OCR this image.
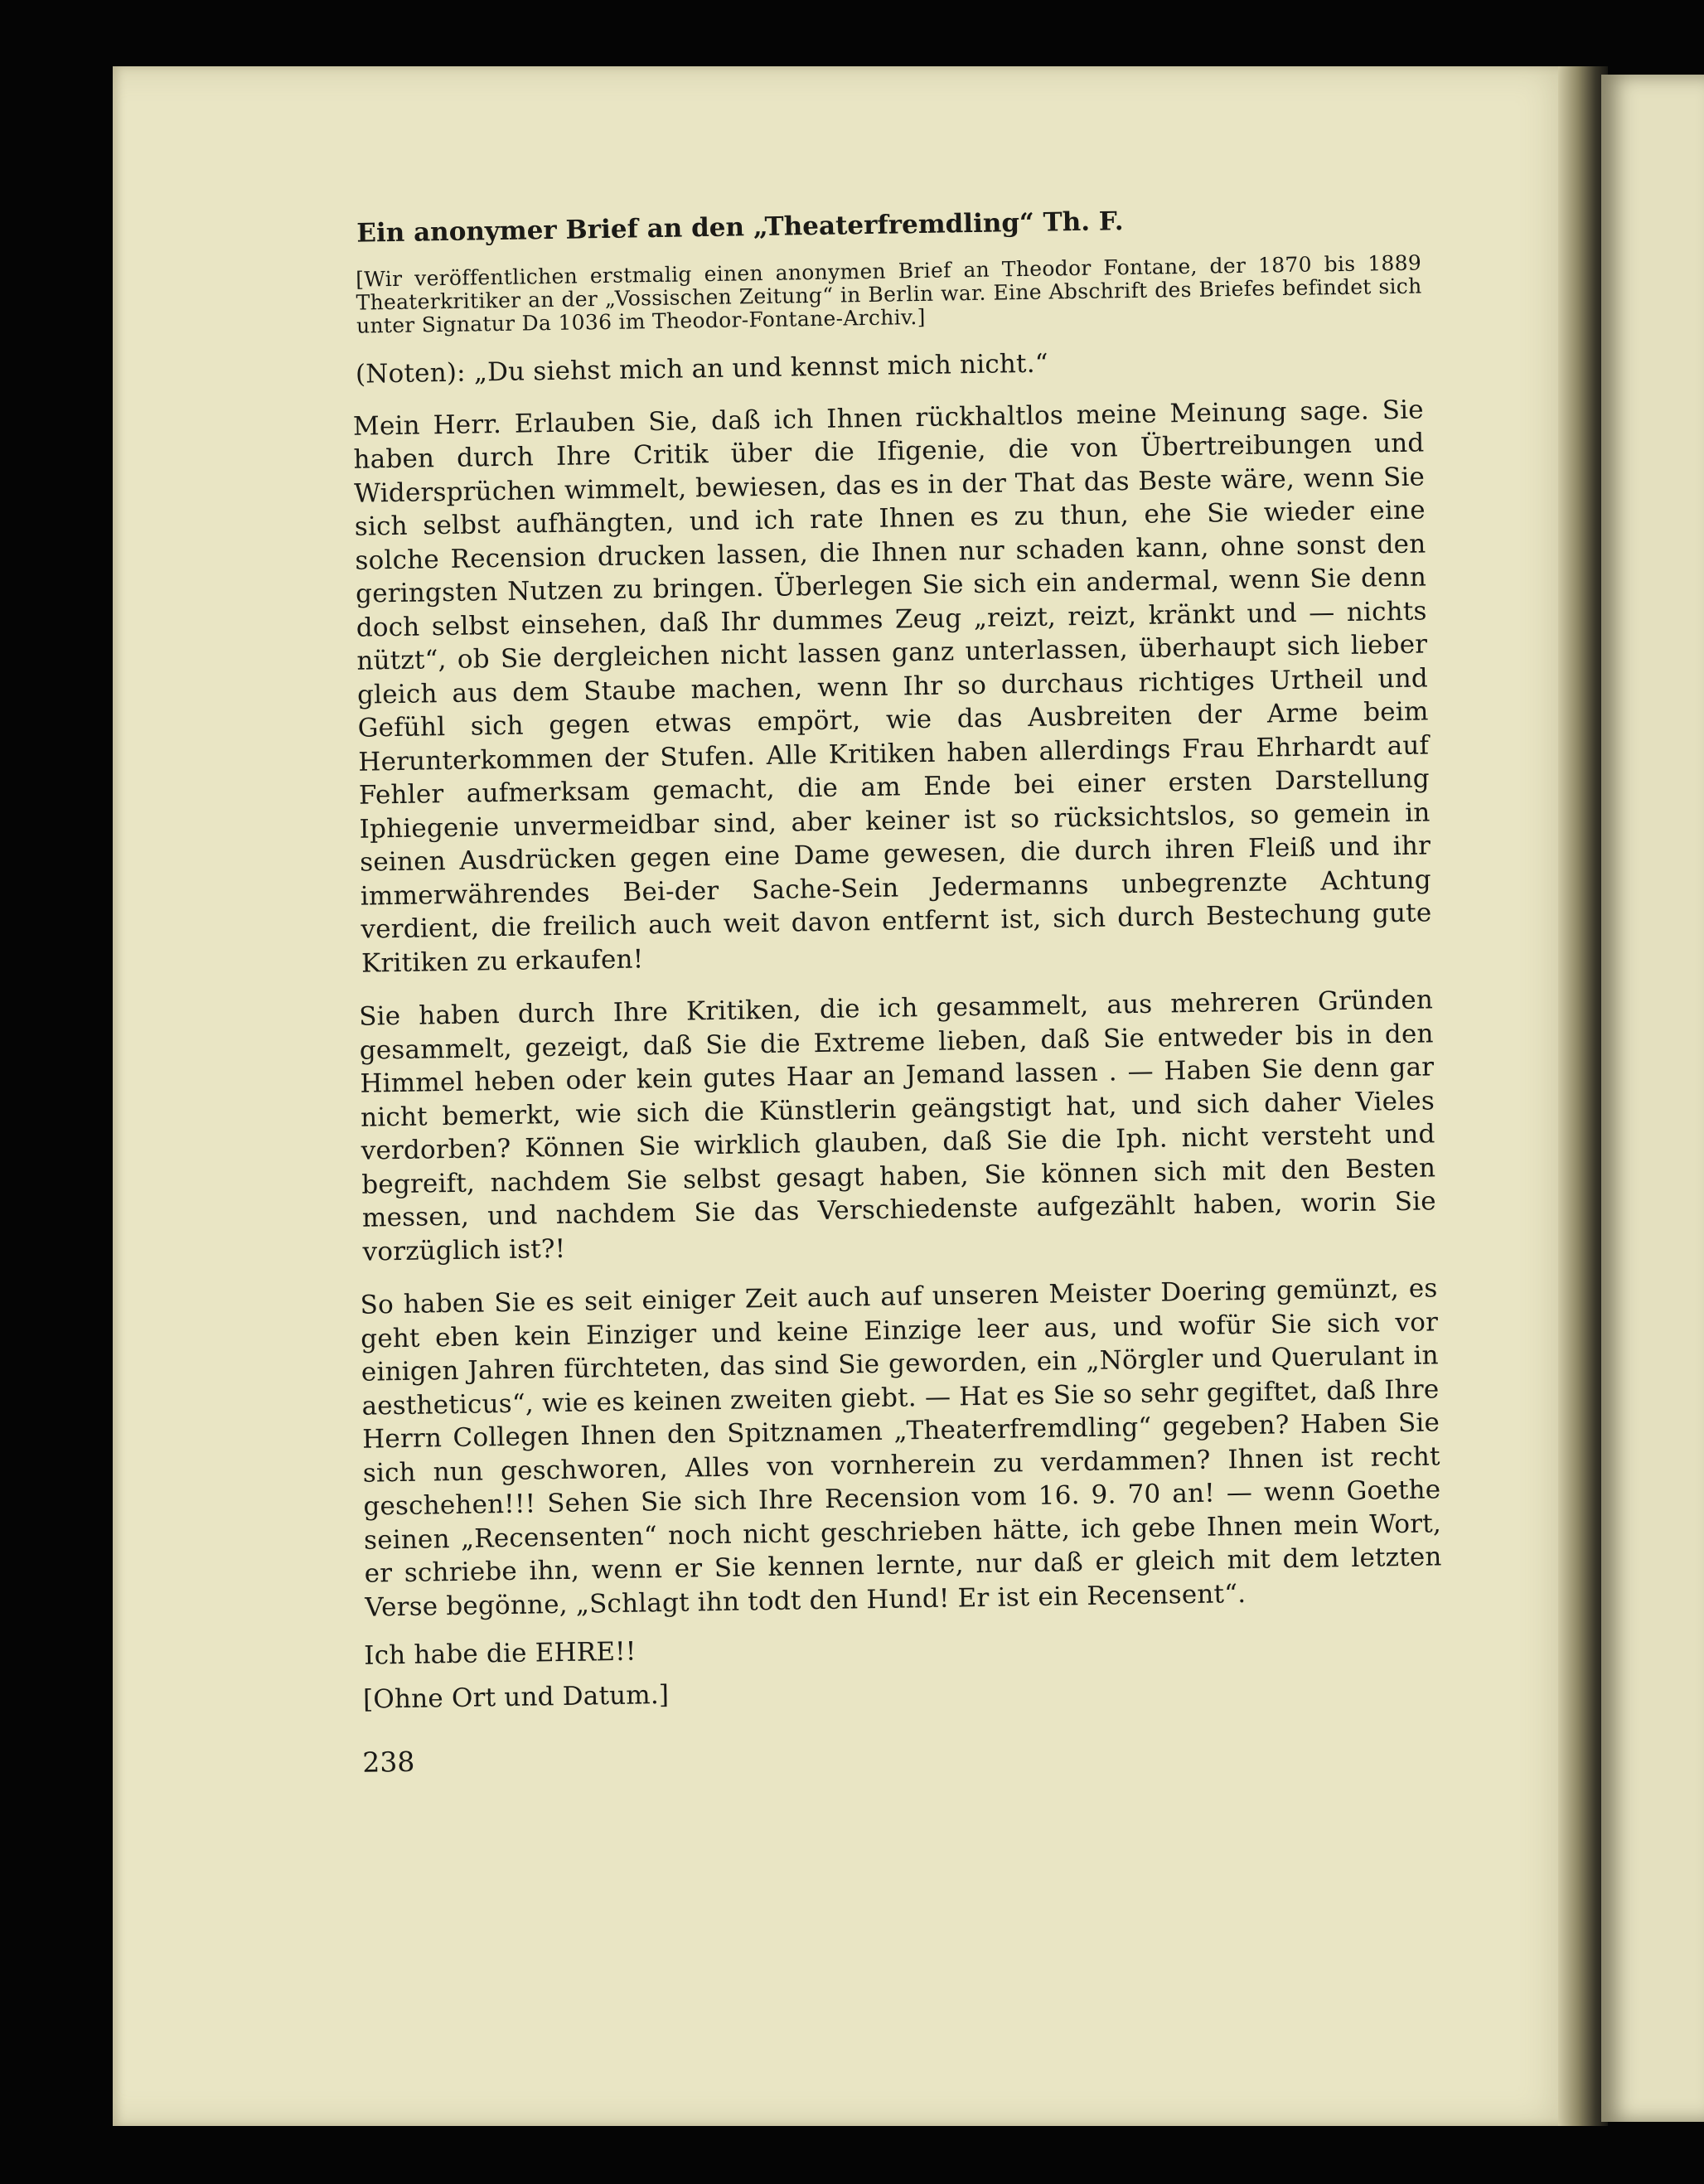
Ein anonymer Brief an den „Theaterfremdling“ Th. F.
[Wir veröffentlichen erstmalig einen anonymen Brief an Theodor Fontane, der 1870 bis 1889 Theaterkritiker an der „Vossischen Zeitung“ in Berlin war. Eine Abschrift des Briefes befindet sich unter Signatur Da 1036 im Theodor-Fontane-Archiv.]

(Noten): „Du siehst mich an und kennst mich nicht.“

Mein Herr. Erlauben Sie, daß ich Ihnen rückhaltlos meine Meinung sage. Sie haben durch Ihre Critik über die Ifigenie, die von Übertreibungen und Widersprüchen wimmelt, bewiesen, das es in der That das Beste wäre, wenn Sie sich selbst aufhängten, und ich rate Ihnen es zu thun, ehe Sie wieder eine solche Recension drucken lassen, die Ihnen nur schaden kann, ohne sonst den geringsten Nutzen zu bringen. Überlegen Sie sich ein andermal, wenn Sie denn doch selbst einsehen, daß Ihr dummes Zeug „reizt, reizt, kränkt und — nichts nützt“, ob Sie dergleichen nicht lassen ganz unterlassen, überhaupt sich lieber gleich aus dem Staube machen, wenn Ihr so durchaus richtiges Urtheil und Gefühl sich gegen etwas empört, wie das Ausbreiten der Arme beim Herunterkommen der Stufen. Alle Kritiken haben allerdings Frau Ehrhardt auf Fehler aufmerksam gemacht, die am Ende bei einer ersten Darstellung Iphiegenie unvermeidbar sind, aber keiner ist so rücksichtslos, so gemein in seinen Ausdrücken gegen eine Dame gewesen, die durch ihren Fleiß und ihr immerwährendes Bei-der Sache-Sein Jedermanns unbegrenzte Achtung verdient, die freilich auch weit davon entfernt ist, sich durch Bestechung gute Kritiken zu erkaufen!

Sie haben durch Ihre Kritiken, die ich gesammelt, aus mehreren Gründen gesammelt, gezeigt, daß Sie die Extreme lieben, daß Sie entweder bis in den Himmel heben oder kein gutes Haar an Jemand lassen . — Haben Sie denn gar nicht bemerkt, wie sich die Künstlerin geängstigt hat, und sich daher Vieles verdorben? Können Sie wirklich glauben, daß Sie die Iph. nicht versteht und begreift, nachdem Sie selbst gesagt haben, Sie können sich mit den Besten messen, und nachdem Sie das Verschiedenste aufgezählt haben, worin Sie vorzüglich ist?!

So haben Sie es seit einiger Zeit auch auf unseren Meister Doering gemünzt, es geht eben kein Einziger und keine Einzige leer aus, und wofür Sie sich vor einigen Jahren fürchteten, das sind Sie geworden, ein „Nörgler und Querulant in aestheticus“, wie es keinen zweiten giebt. — Hat es Sie so sehr gegiftet, daß Ihre Herrn Collegen Ihnen den Spitznamen „Theaterfremdling“ gegeben? Haben Sie sich nun geschworen, Alles von vornherein zu verdammen? Ihnen ist recht geschehen!!! Sehen Sie sich Ihre Recension vom 16. 9. 70 an! — wenn Goethe seinen „Recensenten“ noch nicht geschrieben hätte, ich gebe Ihnen mein Wort, er schriebe ihn, wenn er Sie kennen lernte, nur daß er gleich mit dem letzten Verse begönne, „Schlagt ihn todt den Hund! Er ist ein Recensent“.

Ich habe die EHRE!!

[Ohne Ort und Datum.]

238
